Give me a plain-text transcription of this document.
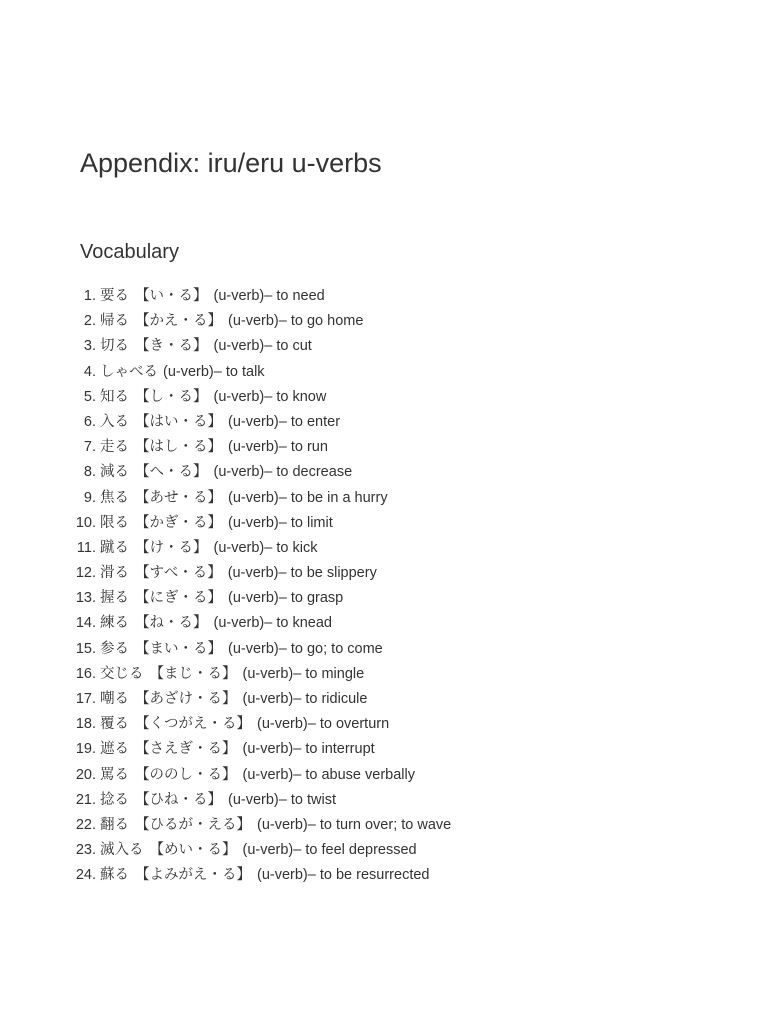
Appendix: iru/eru u-verbs
Vocabulary
1. 要る 【い・る】 (u-verb) – to need
2. 帰る 【かえ・る】 (u-verb) – to go home
3. 切る 【き・る】 (u-verb) – to cut
4. しゃべる (u-verb) – to talk
5. 知る 【し・る】 (u-verb) – to know
6. 入る 【はい・る】 (u-verb) – to enter
7. 走る 【はし・る】 (u-verb) – to run
8. 減る 【へ・る】 (u-verb) – to decrease
9. 焦る 【あせ・る】 (u-verb) – to be in a hurry
10. 限る 【かぎ・る】 (u-verb) – to limit
11. 蹴る 【け・る】 (u-verb) – to kick
12. 滑る 【すべ・る】 (u-verb) – to be slippery
13. 握る 【にぎ・る】 (u-verb) – to grasp
14. 練る 【ね・る】 (u-verb) – to knead
15. 参る 【まい・る】 (u-verb) – to go; to come
16. 交じる 【まじ・る】 (u-verb) – to mingle
17. 嘲る 【あざけ・る】 (u-verb) – to ridicule
18. 覆る 【くつがえ・る】 (u-verb) – to overturn
19. 遮る 【さえぎ・る】 (u-verb) – to interrupt
20. 罵る 【ののし・る】 (u-verb) – to abuse verbally
21. 捻る 【ひね・る】 (u-verb) – to twist
22. 翻る 【ひるが・える】 (u-verb) – to turn over; to wave
23. 滅入る 【めい・る】 (u-verb) – to feel depressed
24. 蘇る 【よみがえ・る】 (u-verb) – to be resurrected
